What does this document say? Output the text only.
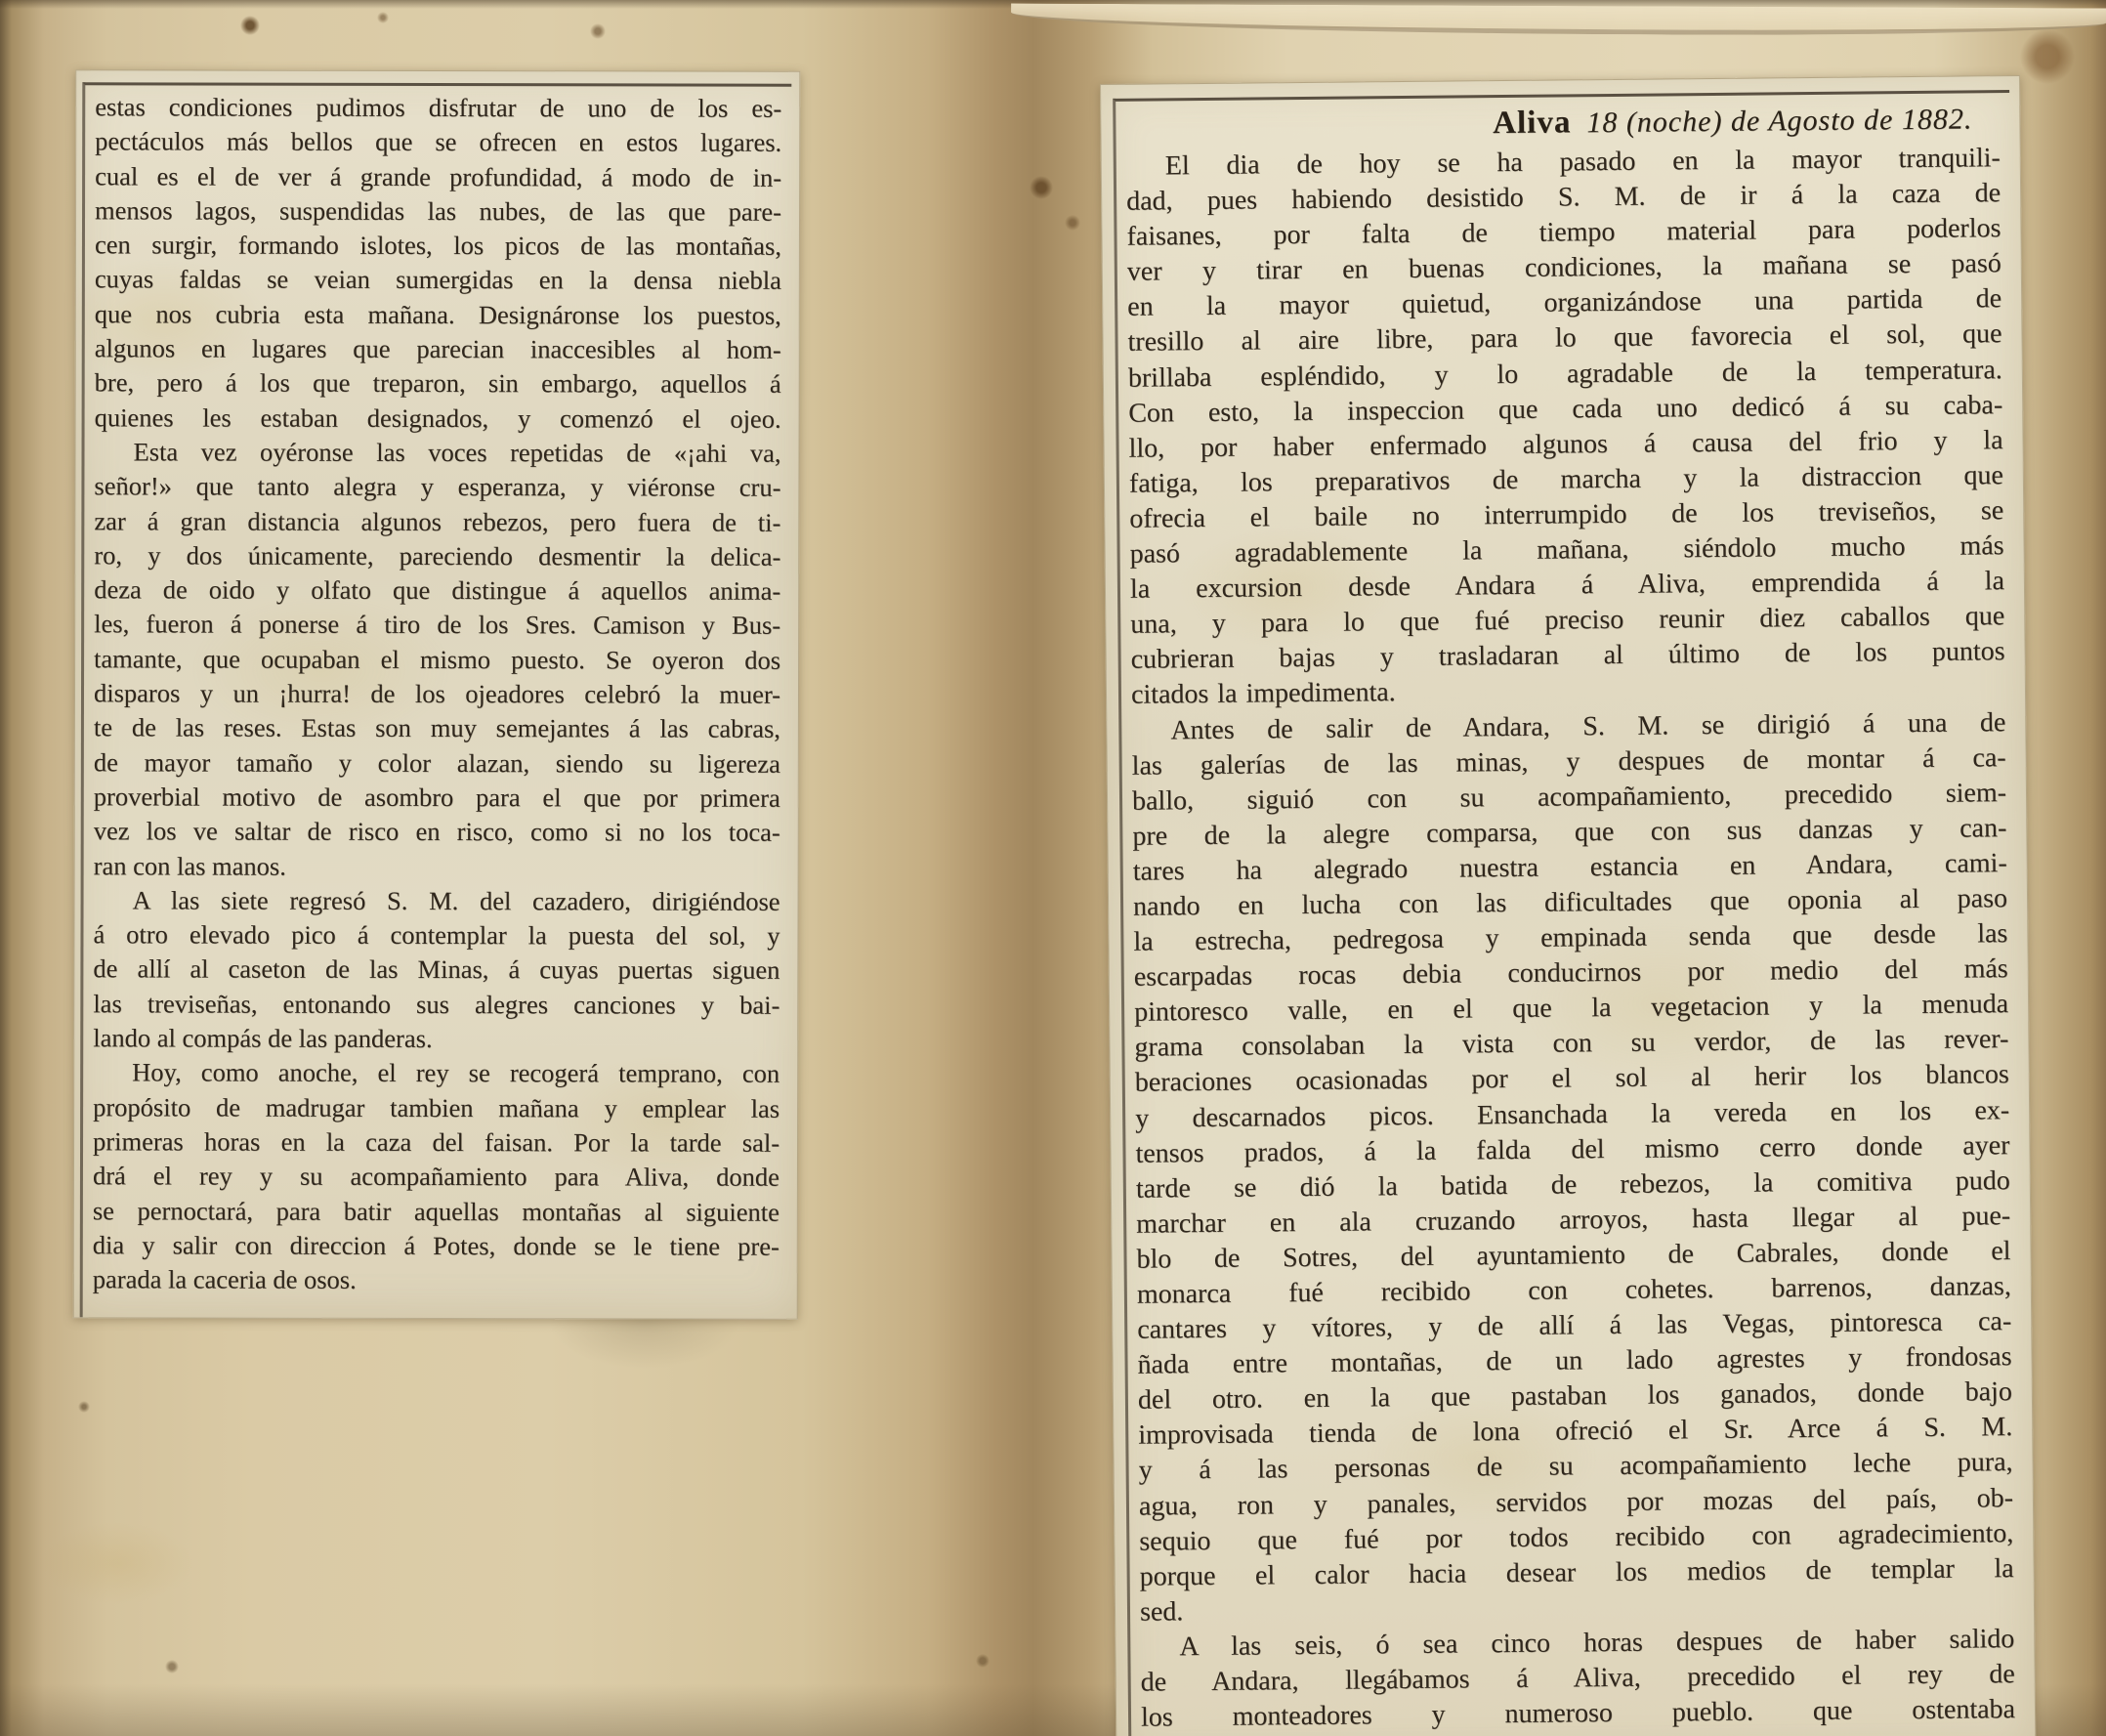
estas condiciones pudimos disfrutar de uno de los es-
pectáculos más bellos que se ofrecen en estos lugares.
cual es el de ver á grande profundidad, á modo de in-
mensos lagos, suspendidas las nubes, de las que pare-
cen surgir, formando islotes, los picos de las montañas,
cuyas faldas se veian sumergidas en la densa niebla
que nos cubria esta mañana. Designáronse los puestos,
algunos en lugares que parecian inaccesibles al hom-
bre, pero á los que treparon, sin embargo, aquellos á
quienes les estaban designados, y comenzó el ojeo.
Esta vez oyéronse las voces repetidas de «¡ahi va,
señor!» que tanto alegra y esperanza, y viéronse cru-
zar á gran distancia algunos rebezos, pero fuera de ti-
ro, y dos únicamente, pareciendo desmentir la delica-
deza de oido y olfato que distingue á aquellos anima-
les, fueron á ponerse á tiro de los Sres. Camison y Bus-
tamante, que ocupaban el mismo puesto. Se oyeron dos
disparos y un ¡hurra! de los ojeadores celebró la muer-
te de las reses. Estas son muy semejantes á las cabras,
de mayor tamaño y color alazan, siendo su ligereza
proverbial motivo de asombro para el que por primera
vez los ve saltar de risco en risco, como si no los toca-
ran con las manos.
A las siete regresó S. M. del cazadero, dirigiéndose
á otro elevado pico á contemplar la puesta del sol, y
de allí al caseton de las Minas, á cuyas puertas siguen
las treviseñas, entonando sus alegres canciones y bai-
lando al compás de las panderas.
Hoy, como anoche, el rey se recogerá temprano, con
propósito de madrugar tambien mañana y emplear las
primeras horas en la caza del faisan. Por la tarde sal-
drá el rey y su acompañamiento para Aliva, donde
se pernoctará, para batir aquellas montañas al siguiente
dia y salir con direccion á Potes, donde se le tiene pre-
parada la caceria de osos.
Aliva 18 (noche) de Agosto de 1882.
El dia de hoy se ha pasado en la mayor tranquili-
dad, pues habiendo desistido S. M. de ir á la caza de
faisanes, por falta de tiempo material para poderlos
ver y tirar en buenas condiciones, la mañana se pasó
en la mayor quietud, organizándose una partida de
tresillo al aire libre, para lo que favorecia el sol, que
brillaba espléndido, y lo agradable de la temperatura.
Con esto, la inspeccion que cada uno dedicó á su caba-
llo, por haber enfermado algunos á causa del frio y la
fatiga, los preparativos de marcha y la distraccion que
ofrecia el baile no interrumpido de los treviseños, se
pasó agradablemente la mañana, siéndolo mucho más
la excursion desde Andara á Aliva, emprendida á la
una, y para lo que fué preciso reunir diez caballos que
cubrieran bajas y trasladaran al último de los puntos
citados la impedimenta.
Antes de salir de Andara, S. M. se dirigió á una de
las galerías de las minas, y despues de montar á ca-
ballo, siguió con su acompañamiento, precedido siem-
pre de la alegre comparsa, que con sus danzas y can-
tares ha alegrado nuestra estancia en Andara, cami-
nando en lucha con las dificultades que oponia al paso
la estrecha, pedregosa y empinada senda que desde las
escarpadas rocas debia conducirnos por medio del más
pintoresco valle, en el que la vegetacion y la menuda
grama consolaban la vista con su verdor, de las rever-
beraciones ocasionadas por el sol al herir los blancos
y descarnados picos. Ensanchada la vereda en los ex-
tensos prados, á la falda del mismo cerro donde ayer
tarde se dió la batida de rebezos, la comitiva pudo
marchar en ala cruzando arroyos, hasta llegar al pue-
blo de Sotres, del ayuntamiento de Cabrales, donde el
monarca fué recibido con cohetes. barrenos, danzas,
cantares y vítores, y de allí á las Vegas, pintoresca ca-
ñada entre montañas, de un lado agrestes y frondosas
del otro. en la que pastaban los ganados, donde bajo
improvisada tienda de lona ofreció el Sr. Arce á S. M.
y á las personas de su acompañamiento leche pura,
agua, ron y panales, servidos por mozas del país, ob-
sequio que fué por todos recibido con agradecimiento,
porque el calor hacia desear los medios de templar la
sed.
A las seis, ó sea cinco horas despues de haber salido
de Andara, llegábamos á Aliva, precedido el rey de
los monteadores y numeroso pueblo. que ostentaba
